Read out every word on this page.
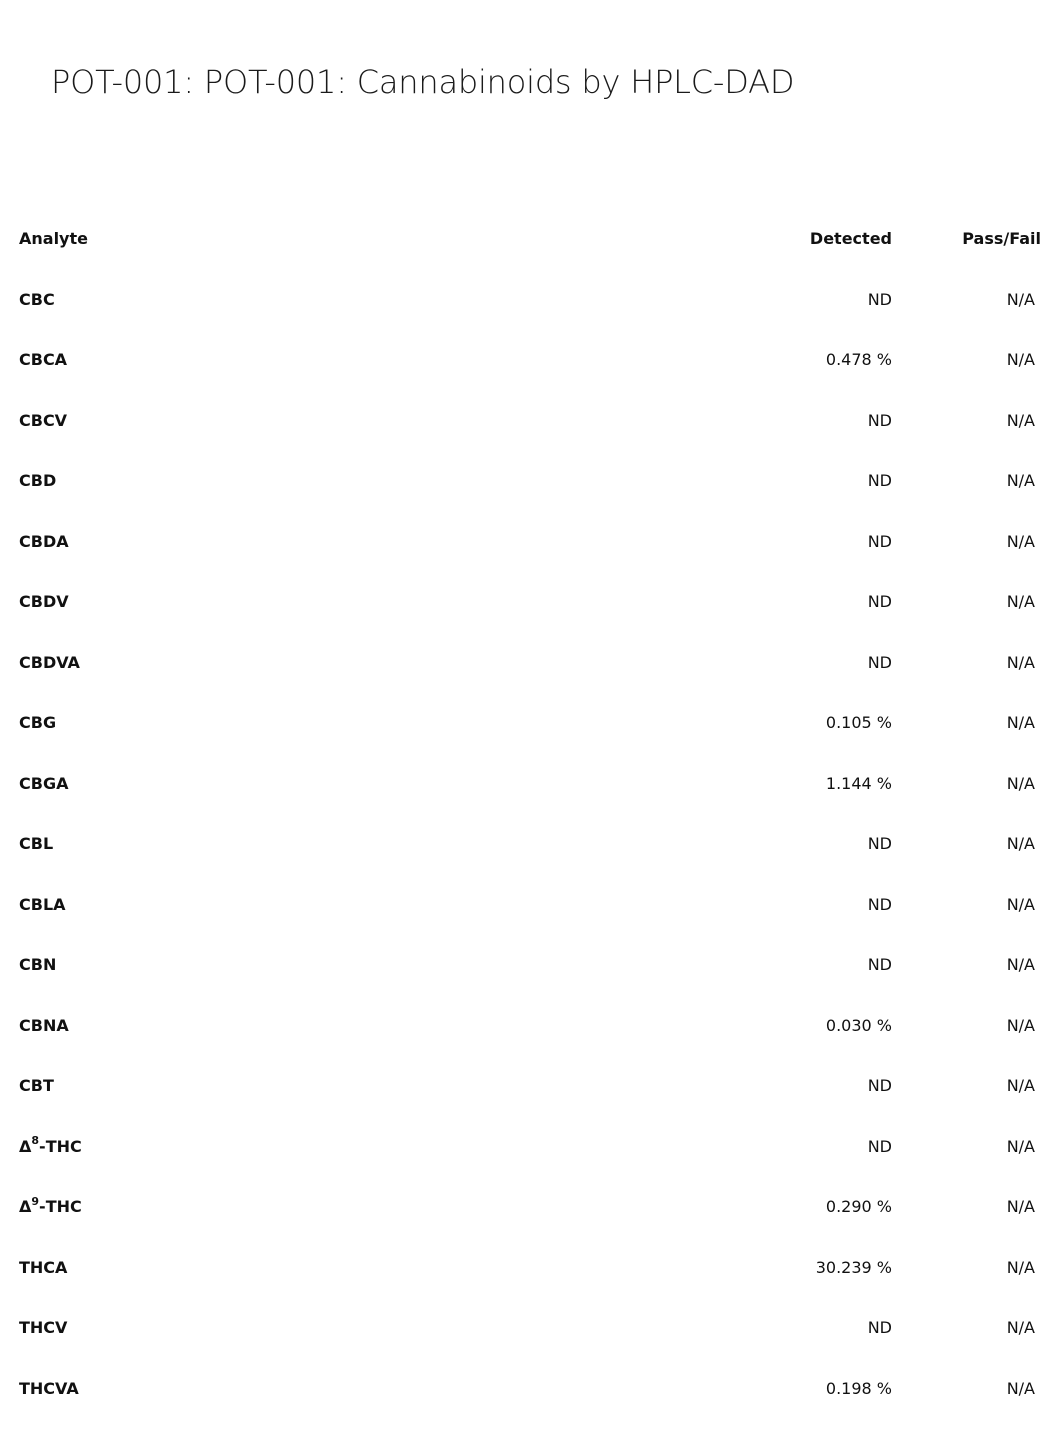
POT-001: POT-001: Cannabinoids by HPLC-DAD
Analyte	Detected	Pass/Fail
CBC	ND	N/A
CBCA	0.478 %	N/A
CBCV	ND	N/A
CBD	ND	N/A
CBDA	ND	N/A
CBDV	ND	N/A
CBDVA	ND	N/A
CBG	0.105 %	N/A
CBGA	1.144 %	N/A
CBL	ND	N/A
CBLA	ND	N/A
CBN	ND	N/A
CBNA	0.030 %	N/A
CBT	ND	N/A
$\Delta^8$-THC	ND	N/A
$\Delta^9$-THC	0.290 %	N/A
THCA	30.239 %	N/A
THCV	ND	N/A
THCVA	0.198 %	N/A
